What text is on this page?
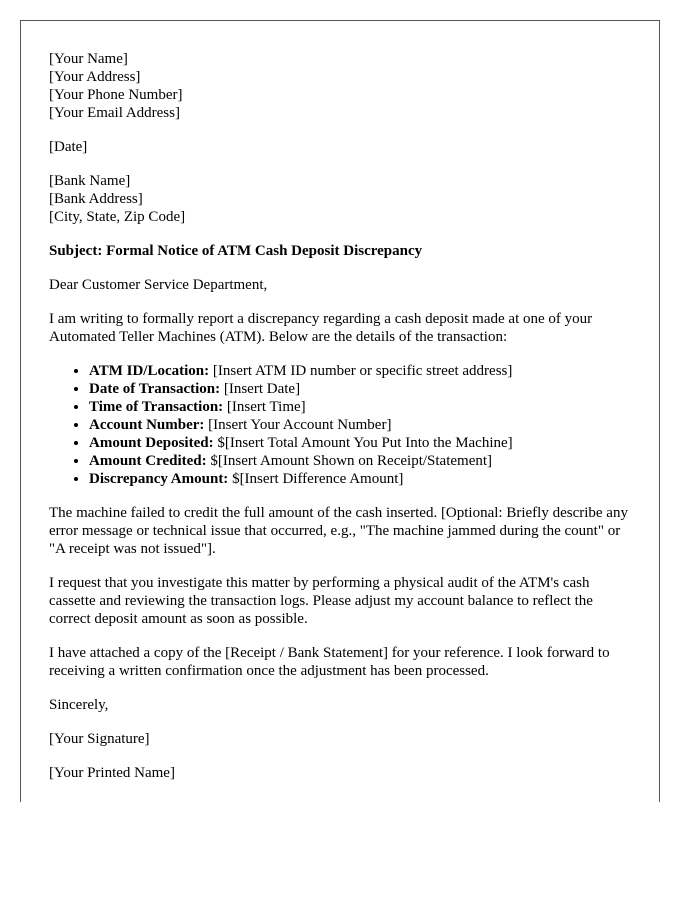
[Your Name]
[Your Address]
[Your Phone Number]
[Your Email Address]
[Date]
[Bank Name]
[Bank Address]
[City, State, Zip Code]

Subject: Formal Notice of ATM Cash Deposit Discrepancy

Dear Customer Service Department,

I am writing to formally report a discrepancy regarding a cash deposit made at one of your Automated Teller Machines (ATM). Below are the details of the transaction:

• ATM ID/Location: [Insert ATM ID number or specific street address]
• Date of Transaction: [Insert Date]
• Time of Transaction: [Insert Time]
• Account Number: [Insert Your Account Number]
• Amount Deposited: $[Insert Total Amount You Put Into the Machine]
• Amount Credited: $[Insert Amount Shown on Receipt/Statement]
• Discrepancy Amount: $[Insert Difference Amount]

The machine failed to credit the full amount of the cash inserted. [Optional: Briefly describe any error message or technical issue that occurred, e.g., "The machine jammed during the count" or "A receipt was not issued"].

I request that you investigate this matter by performing a physical audit of the ATM's cash cassette and reviewing the transaction logs. Please adjust my account balance to reflect the correct deposit amount as soon as possible.

I have attached a copy of the [Receipt / Bank Statement] for your reference. I look forward to receiving a written confirmation once the adjustment has been processed.

Sincerely,

[Your Signature]

[Your Printed Name]
